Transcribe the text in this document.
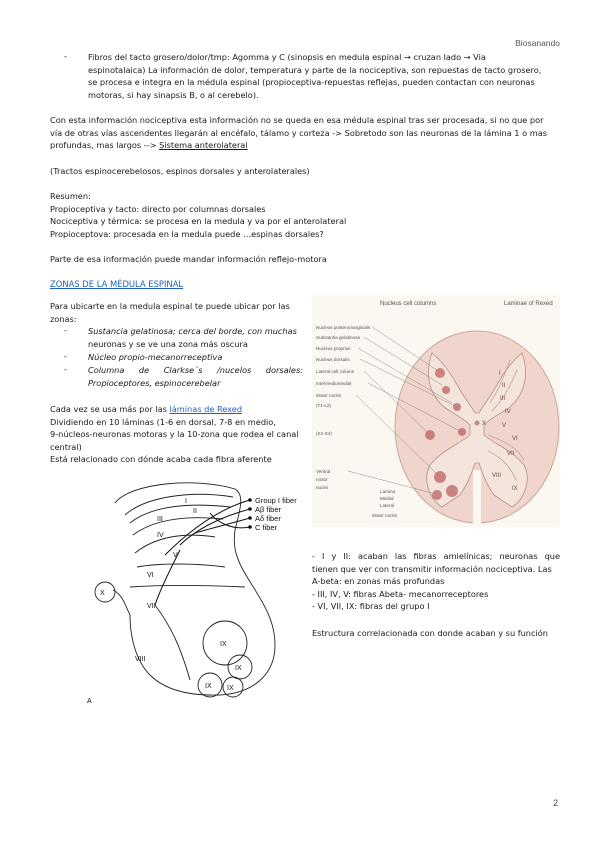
Biosanando
-	Fibros del tacto grosero/dolor/tmp: Agomma y C (sinopsis en medula espinal → cruzan lado → Via
espinotalaica) La información de dolor, temperatura y parte de la nociceptiva, son repuestas de tacto grosero,
se procesa e integra en la médula espinal (propioceptiva-repuestas reflejas, pueden contactan con neuronas
motoras, si hay sinapsis B, o al cerebelo).
Con esta información nociceptiva esta información no se queda en esa médula espinal tras ser procesada, si no que por
vía de otras vías ascendentes llegarán al encéfalo, tálamo y corteza -> Sobretodo son las neuronas de la lámina 1 o mas
profundas, mas largos --> Sistema anterolateral
(Tractos espinocerebelosos, espinos dorsales y anterolaterales)
Resumen:
Propioceptiva y tacto: directo por columnas dorsales
Nociceptiva y térmica: se procesa en la medula y va por el anterolateral
Propioceptova: procesada en la medula puede …espinas dorsales?
Parte de esa información puede mandar información reflejo-motora
ZONAS DE LA MÉDULA ESPINAL
Para ubicarte en la medula espinal te puede ubicar por las
zonas:
-	Sustancia gelatinosa; cerca del borde, con muchas
neuronas y se ve una zona más oscura
-	Núcleo propio-mecanorreceptiva
-	Columna de Clarkse´s /nucelos dorsales:
Propioceptores, espinocerebelar
Cada vez se usa más por las láminas de Rexed
Dividiendo en 10 láminas (1-6 en dorsal, 7-8 en medio,
9-núcleos-neuronas motoras y la 10-zona que rodea el canal
central)
Está relacionado con dónde acaba cada fibra aferente
I
II
III
IV
V
VI
VII
VIII
IX
X
Nucleus cell columns	Laminae of Rexed
Nucleus posteromarginalis
Substantia gelatinosa
Nucleus proprius
Nucleus dorsalis
Lateral cell column
Intermediomedial
Motor nuclei
(T1-L2)
(S2-S4)
Ventral
motor
nuclei
Lamina
Medial
Lateral
Motor nuclei
Group I fiber
Aβ fiber
Aδ fiber
C fiber
I
II
III
IV
V
VI
VII
VIII
IX
IX
IX IX
X
A
- I y II: acaban las fibras amielínicas; neuronas que
tienen que ver con transmitir información nociceptiva. Las
A-beta: en zonas más profundas
- III, IV, V: fibras Abeta- mecanorreceptores
- VI, VII, IX: fibras del grupo I
Estructura correlacionada con donde acaban y su función
2
